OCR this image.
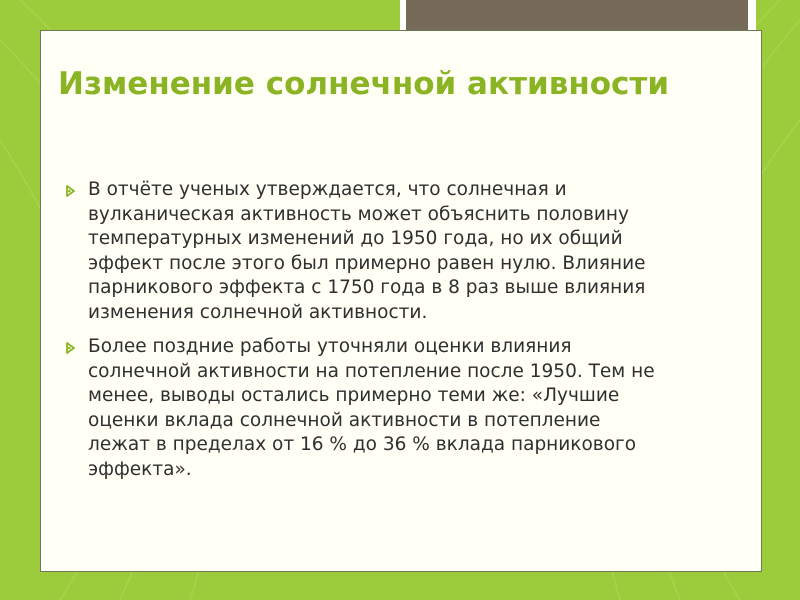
Изменение солнечной активности
В отчёте ученых утверждается, что солнечная и вулканическая активность может объяснить половину температурных изменений до 1950 года, но их общий эффект после этого был примерно равен нулю. Влияние парникового эффекта с 1750 года в 8 раз выше влияния изменения солнечной активности.
Более поздние работы уточняли оценки влияния солнечной активности на потепление после 1950. Тем не менее, выводы остались примерно теми же: «Лучшие оценки вклада солнечной активности в потепление лежат в пределах от 16 % до 36 % вклада парникового эффекта».
